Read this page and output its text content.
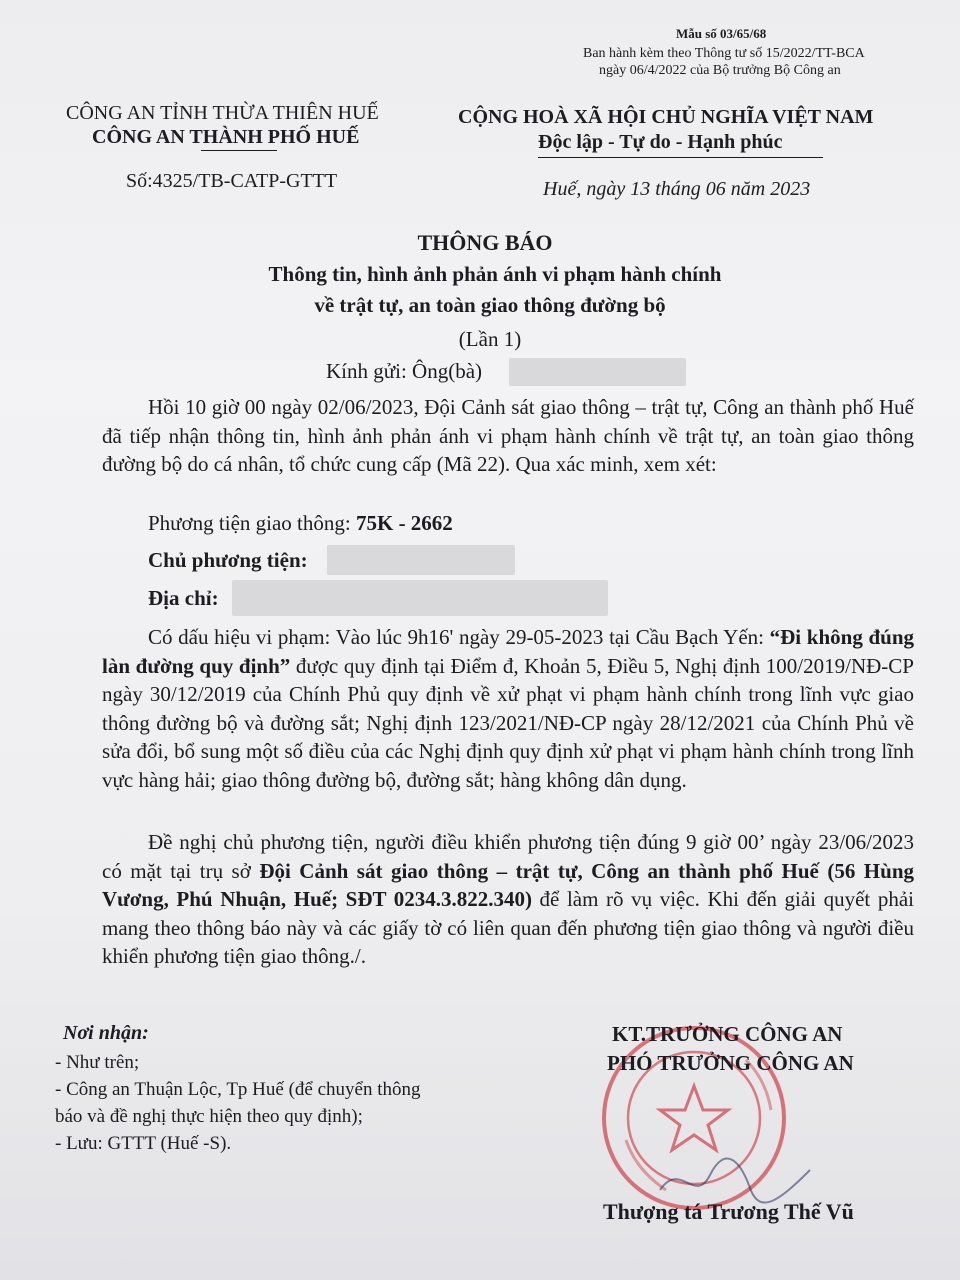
Mẫu số 03/65/68
Ban hành kèm theo Thông tư số 15/2022/TT-BCA
ngày 06/4/2022 của Bộ trưởng Bộ Công an
CÔNG AN TỈNH THỪA THIÊN HUẾ
CÔNG AN THÀNH PHỐ HUẾ
Số:4325/TB-CATP-GTTT
CỘNG HOÀ XÃ HỘI CHỦ NGHĨA VIỆT NAM
Độc lập - Tự do - Hạnh phúc
Huế, ngày 13 tháng 06 năm 2023
THÔNG BÁO
Thông tin, hình ảnh phản ánh vi phạm hành chính
về trật tự, an toàn giao thông đường bộ
(Lần 1)
Kính gửi: Ông(bà)
Hồi 10 giờ 00 ngày 02/06/2023, Đội Cảnh sát giao thông – trật tự, Công an thành phố Huế đã tiếp nhận thông tin, hình ảnh phản ánh vi phạm hành chính về trật tự, an toàn giao thông đường bộ do cá nhân, tổ chức cung cấp (Mã 22). Qua xác minh, xem xét:
Phương tiện giao thông: 75K - 2662
Chủ phương tiện:
Địa chỉ:
Có dấu hiệu vi phạm: Vào lúc 9h16' ngày 29-05-2023 tại Cầu Bạch Yến: “Đi không đúng làn đường quy định” được quy định tại Điểm đ, Khoản 5, Điều 5, Nghị định 100/2019/NĐ-CP ngày 30/12/2019 của Chính Phủ quy định về xử phạt vi phạm hành chính trong lĩnh vực giao thông đường bộ và đường sắt; Nghị định 123/2021/NĐ-CP ngày 28/12/2021 của Chính Phủ về sửa đổi, bổ sung một số điều của các Nghị định quy định xử phạt vi phạm hành chính trong lĩnh vực hàng hải; giao thông đường bộ, đường sắt; hàng không dân dụng.
Đề nghị chủ phương tiện, người điều khiển phương tiện đúng 9 giờ 00’ ngày 23/06/2023 có mặt tại trụ sở Đội Cảnh sát giao thông – trật tự, Công an thành phố Huế (56 Hùng Vương, Phú Nhuận, Huế; SĐT 0234.3.822.340) để làm rõ vụ việc. Khi đến giải quyết phải mang theo thông báo này và các giấy tờ có liên quan đến phương tiện giao thông và người điều khiển phương tiện giao thông./.
Nơi nhận:
- Như trên;
- Công an Thuận Lộc, Tp Huế (để chuyển thông
báo và đề nghị thực hiện theo quy định);
- Lưu: GTTT (Huế -S).
KT.TRƯỞNG CÔNG AN
PHÓ TRƯỞNG CÔNG AN
Thượng tá Trương Thế Vũ
